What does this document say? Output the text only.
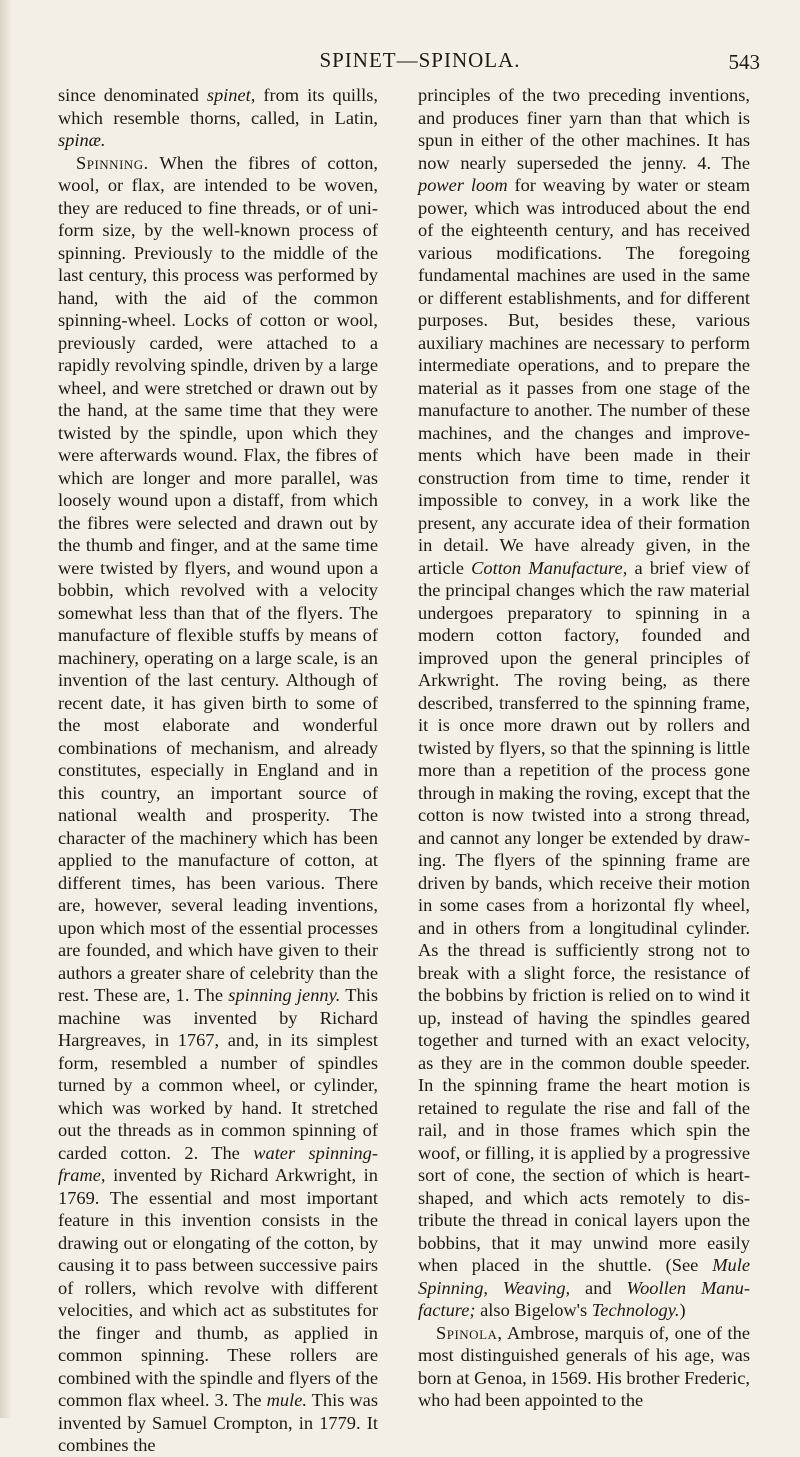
SPINET—SPINOLA.	543

since denominated spinet, from its quills, which resemble thorns, called, in Latin, spinæ.

Spinning. When the fibres of cotton, wool, or flax, are intended to be woven, they are reduced to fine threads, or of uniform size, by the well-known process of spinning. Previously to the middle of the last century, this process was performed by hand, with the aid of the common spinning-wheel. Locks of cotton or wool, previously carded, were attached to a rapidly revolving spindle, driven by a large wheel, and were stretched or drawn out by the hand, at the same time that they were twisted by the spindle, upon which they were afterwards wound. Flax, the fibres of which are longer and more parallel, was loosely wound upon a distaff, from which the fibres were selected and drawn out by the thumb and finger, and at the same time were twisted by flyers, and wound upon a bobbin, which revolved with a velocity somewhat less than that of the flyers. The manufacture of flexible stuffs by means of machinery, operating on a large scale, is an invention of the last century. Although of recent date, it has given birth to some of the most elaborate and wonderful combinations of mechanism, and already constitutes, especially in England and in this country, an important source of national wealth and prosperity. The character of the machinery which has been applied to the manufacture of cotton, at different times, has been various. There are, however, several leading inventions, upon which most of the essential processes are founded, and which have given to their authors a greater share of celebrity than the rest. These are, 1. The spinning jenny. This machine was invented by Richard Hargreaves, in 1767, and, in its simplest form, resembled a number of spindles turned by a common wheel, or cylinder, which was worked by hand. It stretched out the threads as in common spinning of carded cotton. 2. The water spinning-frame, invented by Richard Arkwright, in 1769. The essential and most important feature in this invention consists in the drawing out or elongating of the cotton, by causing it to pass between successive pairs of rollers, which revolve with different velocities, and which act as substitutes for the finger and thumb, as applied in common spinning. These rollers are combined with the spindle and flyers of the common flax wheel. 3. The mule. This was invented by Samuel Crompton, in 1779. It combines the

principles of the two preceding inventions, and produces finer yarn than that which is spun in either of the other machines. It has now nearly superseded the jenny. 4. The power loom for weaving by water or steam power, which was introduced about the end of the eighteenth century, and has received various modifications. The foregoing fundamental machines are used in the same or different establishments, and for different purposes. But, besides these, various auxiliary machines are necessary to perform intermediate operations, and to prepare the material as it passes from one stage of the manufacture to another. The number of these machines, and the changes and improvements which have been made in their construction from time to time, render it impossible to convey, in a work like the present, any accurate idea of their formation in detail. We have already given, in the article Cotton Manufacture, a brief view of the principal changes which the raw material undergoes preparatory to spinning in a modern cotton factory, founded and improved upon the general principles of Arkwright. The roving being, as there described, transferred to the spinning frame, it is once more drawn out by rollers and twisted by flyers, so that the spinning is little more than a repetition of the process gone through in making the roving, except that the cotton is now twisted into a strong thread, and cannot any longer be extended by drawing. The flyers of the spinning frame are driven by bands, which receive their motion in some cases from a horizontal fly wheel, and in others from a longitudinal cylinder. As the thread is sufficiently strong not to break with a slight force, the resistance of the bobbins by friction is relied on to wind it up, instead of having the spindles geared together and turned with an exact velocity, as they are in the common double speeder. In the spinning frame the heart motion is retained to regulate the rise and fall of the rail, and in those frames which spin the woof, or filling, it is applied by a progressive sort of cone, the section of which is heart-shaped, and which acts remotely to distribute the thread in conical layers upon the bobbins, that it may unwind more easily when placed in the shuttle. (See Mule Spinning, Weaving, and Woollen Manufacture; also Bigelow's Technology.)

Spinola, Ambrose, marquis of, one of the most distinguished generals of his age, was born at Genoa, in 1569. His brother Frederic, who had been appointed to the
